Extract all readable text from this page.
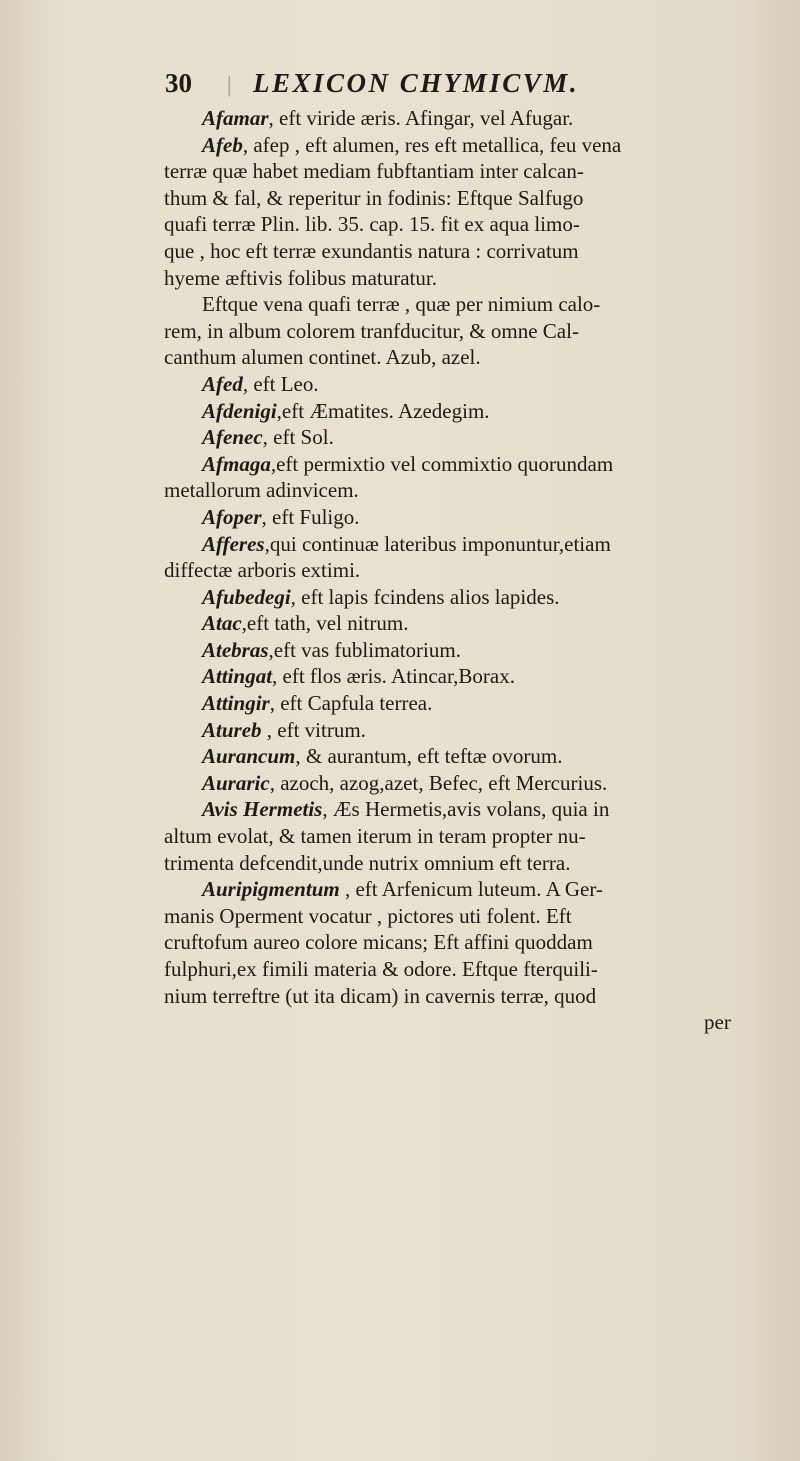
30	| LEXICON CHYMICVM.
Afamar, eft viride æris. Afingar, vel Afugar.
Afeb, afep , eft alumen, res eft metallica, feu vena
terræ quæ habet mediam fubftantiam inter calcan-
thum & fal, & reperitur in fodinis: Eftque Salfugo
quafi terræ Plin. lib. 35. cap. 15. fit ex aqua limo-
que , hoc eft terræ exundantis natura : corrivatum
hyeme æftivis folibus maturatur.
Eftque vena quafi terræ , quæ per nimium calo-
rem, in album colorem tranfducitur, & omne Cal-
canthum alumen continet. Azub, azel.
Afed, eft Leo.
Afdenigi,eft Æmatites. Azedegim.
Afenec, eft Sol.
Afmaga,eft permixtio vel commixtio quorundam
metallorum adinvicem.
Afoper, eft Fuligo.
Afferes,qui continuæ lateribus imponuntur,etiam
diffectæ arboris extimi.
Afubedegi, eft lapis fcindens alios lapides.
Atac,eft tath, vel nitrum.
Atebras,eft vas fublimatorium.
Attingat, eft flos æris. Atincar,Borax.
Attingir, eft Capfula terrea.
Atureb , eft vitrum.
Aurancum, & aurantum, eft teftæ ovorum.
Auraric, azoch, azog,azet, Befec, eft Mercurius.
Avis Hermetis, Æs Hermetis,avis volans, quia in
altum evolat, & tamen iterum in teram propter nu-
trimenta defcendit,unde nutrix omnium eft terra.
Auripigmentum , eft Arfenicum luteum. A Ger-
manis Operment vocatur , pictores uti folent. Eft
cruftofum aureo colore micans; Eft affini quoddam
fulphuri,ex fimili materia & odore. Eftque fterquili-
nium terreftre (ut ita dicam) in cavernis terræ, quod
per
